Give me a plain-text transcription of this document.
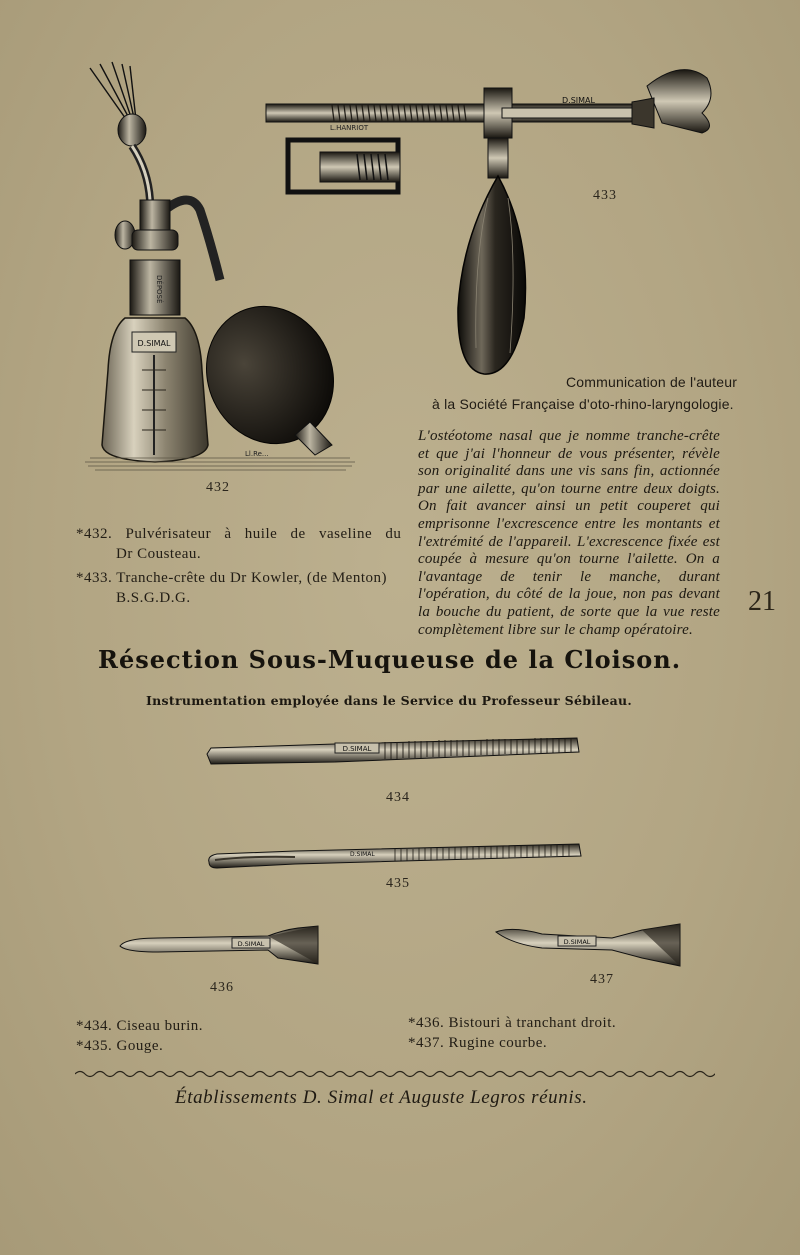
DÉPOSÉ
D.SIMAL
Ll.Re...
432
L.HANRIOT
D.SIMAL
433
Communication de l'auteur
à la Société Française d'oto-rhino-laryngologie.
L'ostéotome nasal que je nomme tranche-crête et que j'ai l'honneur de vous présenter, révèle son originalité dans une vis sans fin, actionnée par une ailette, qu'on tourne entre deux doigts. On fait avancer ainsi un petit couperet qui emprisonne l'excrescence entre les montants et l'extrémité de l'appareil. L'excrescence fixée est coupée à mesure qu'on tourne l'ailette. On a l'avantage de tenir le manche, durant l'opération, du côté de la joue, non pas devant la bouche du patient, de sorte que la vue reste complètement libre sur le champ opératoire.
*432. Pulvérisateur à huile de vaseline du
Dr Cousteau.
*433. Tranche-crête du Dr Kowler, (de Menton)
B.S.G.D.G.	21
Résection Sous-Muqueuse de la Cloison.
Instrumentation employée dans le Service du Professeur Sébileau.
D.SIMAL
434
D.SIMAL
435
D.SIMAL
436
D.SIMAL
437
*434. Ciseau burin.
*435. Gouge.
*436. Bistouri à tranchant droit.
*437. Rugine courbe.
Établissements D. Simal et Auguste Legros réunis.
